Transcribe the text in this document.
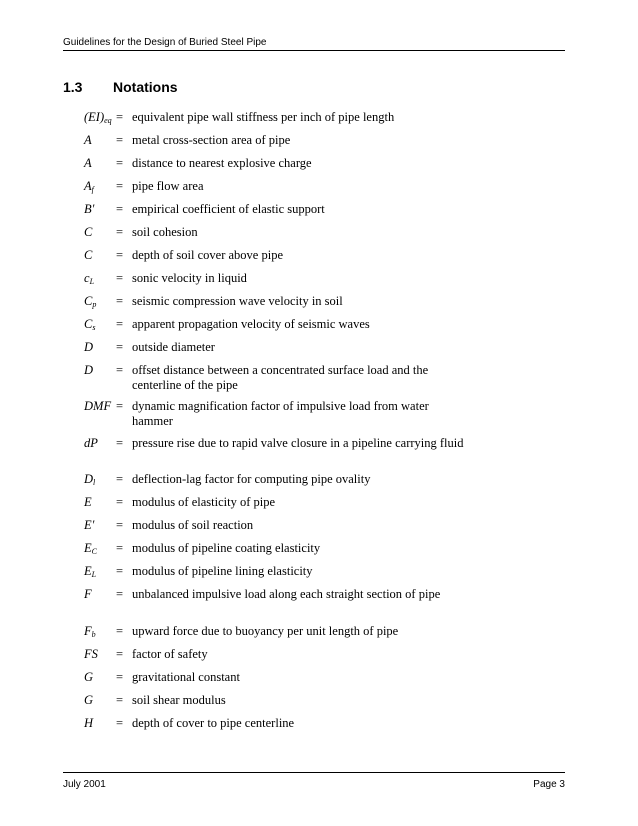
Guidelines for the Design of Buried Steel Pipe
1.3	Notations
$(EI)_{eq}$ = equivalent pipe wall stiffness per inch of pipe length
A = metal cross-section area of pipe
A = distance to nearest explosive charge
$A_f$ = pipe flow area
B′ = empirical coefficient of elastic support
C = soil cohesion
C = depth of soil cover above pipe
$c_L$ = sonic velocity in liquid
$C_p$ = seismic compression wave velocity in soil
$C_s$ = apparent propagation velocity of seismic waves
D = outside diameter
D = offset distance between a concentrated surface load and the centerline of the pipe
DMF = dynamic magnification factor of impulsive load from water hammer
dP = pressure rise due to rapid valve closure in a pipeline carrying fluid
$D_l$ = deflection-lag factor for computing pipe ovality
E = modulus of elasticity of pipe
E′ = modulus of soil reaction
$E_C$ = modulus of pipeline coating elasticity
$E_L$ = modulus of pipeline lining elasticity
F = unbalanced impulsive load along each straight section of pipe
$F_b$ = upward force due to buoyancy per unit length of pipe
FS = factor of safety
G = gravitational constant
G = soil shear modulus
H = depth of cover to pipe centerline
July 2001	Page 3
